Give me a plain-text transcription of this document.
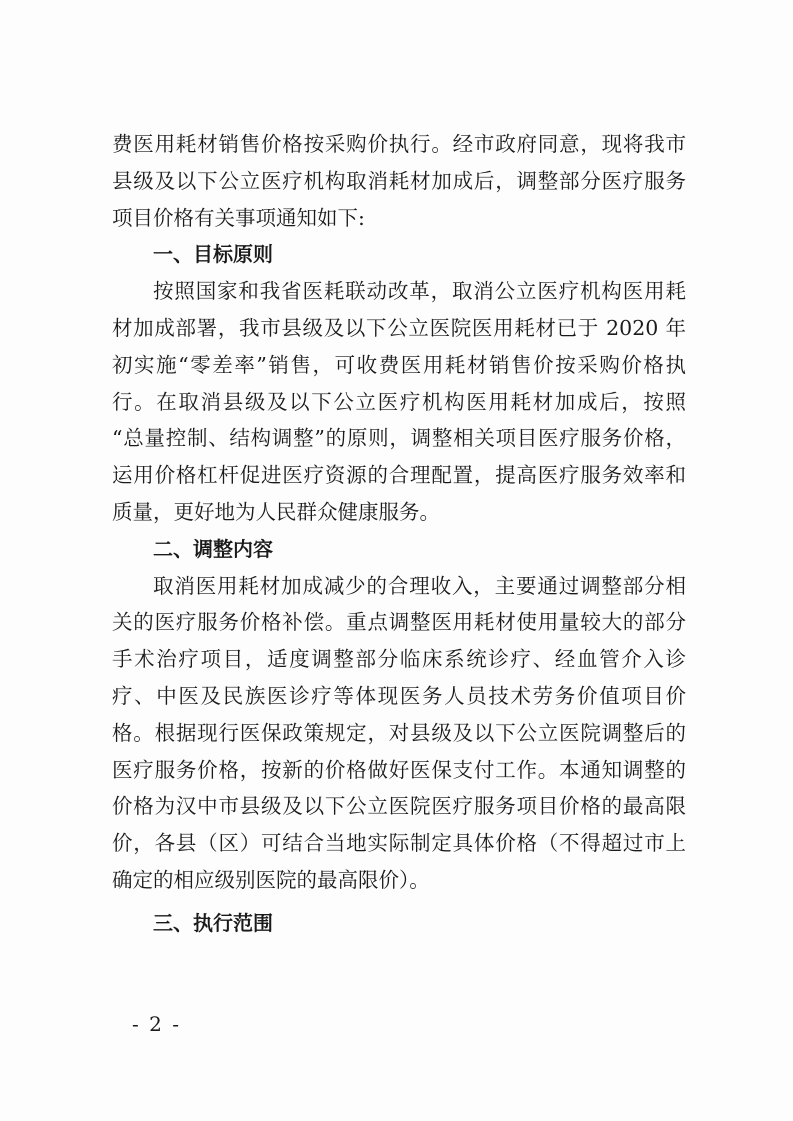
费医用耗材销售价格按采购价执行。经市政府同意，现将我市
县级及以下公立医疗机构取消耗材加成后，调整部分医疗服务
项目价格有关事项通知如下:
一、目标原则
按照国家和我省医耗联动改革，取消公立医疗机构医用耗
材加成部署，我市县级及以下公立医院医用耗材已于 2020 年
初实施“零差率”销售，可收费医用耗材销售价按采购价格执
行。在取消县级及以下公立医疗机构医用耗材加成后，按照
“总量控制、结构调整”的原则，调整相关项目医疗服务价格，
运用价格杠杆促进医疗资源的合理配置，提高医疗服务效率和
质量，更好地为人民群众健康服务。
二、调整内容
取消医用耗材加成减少的合理收入，主要通过调整部分相
关的医疗服务价格补偿。重点调整医用耗材使用量较大的部分
手术治疗项目，适度调整部分临床系统诊疗、经血管介入诊
疗、中医及民族医诊疗等体现医务人员技术劳务价值项目价
格。根据现行医保政策规定，对县级及以下公立医院调整后的
医疗服务价格，按新的价格做好医保支付工作。本通知调整的
价格为汉中市县级及以下公立医院医疗服务项目价格的最高限
价，各县（区）可结合当地实际制定具体价格（不得超过市上
确定的相应级别医院的最高限价）。
三、执行范围
- 2 -
